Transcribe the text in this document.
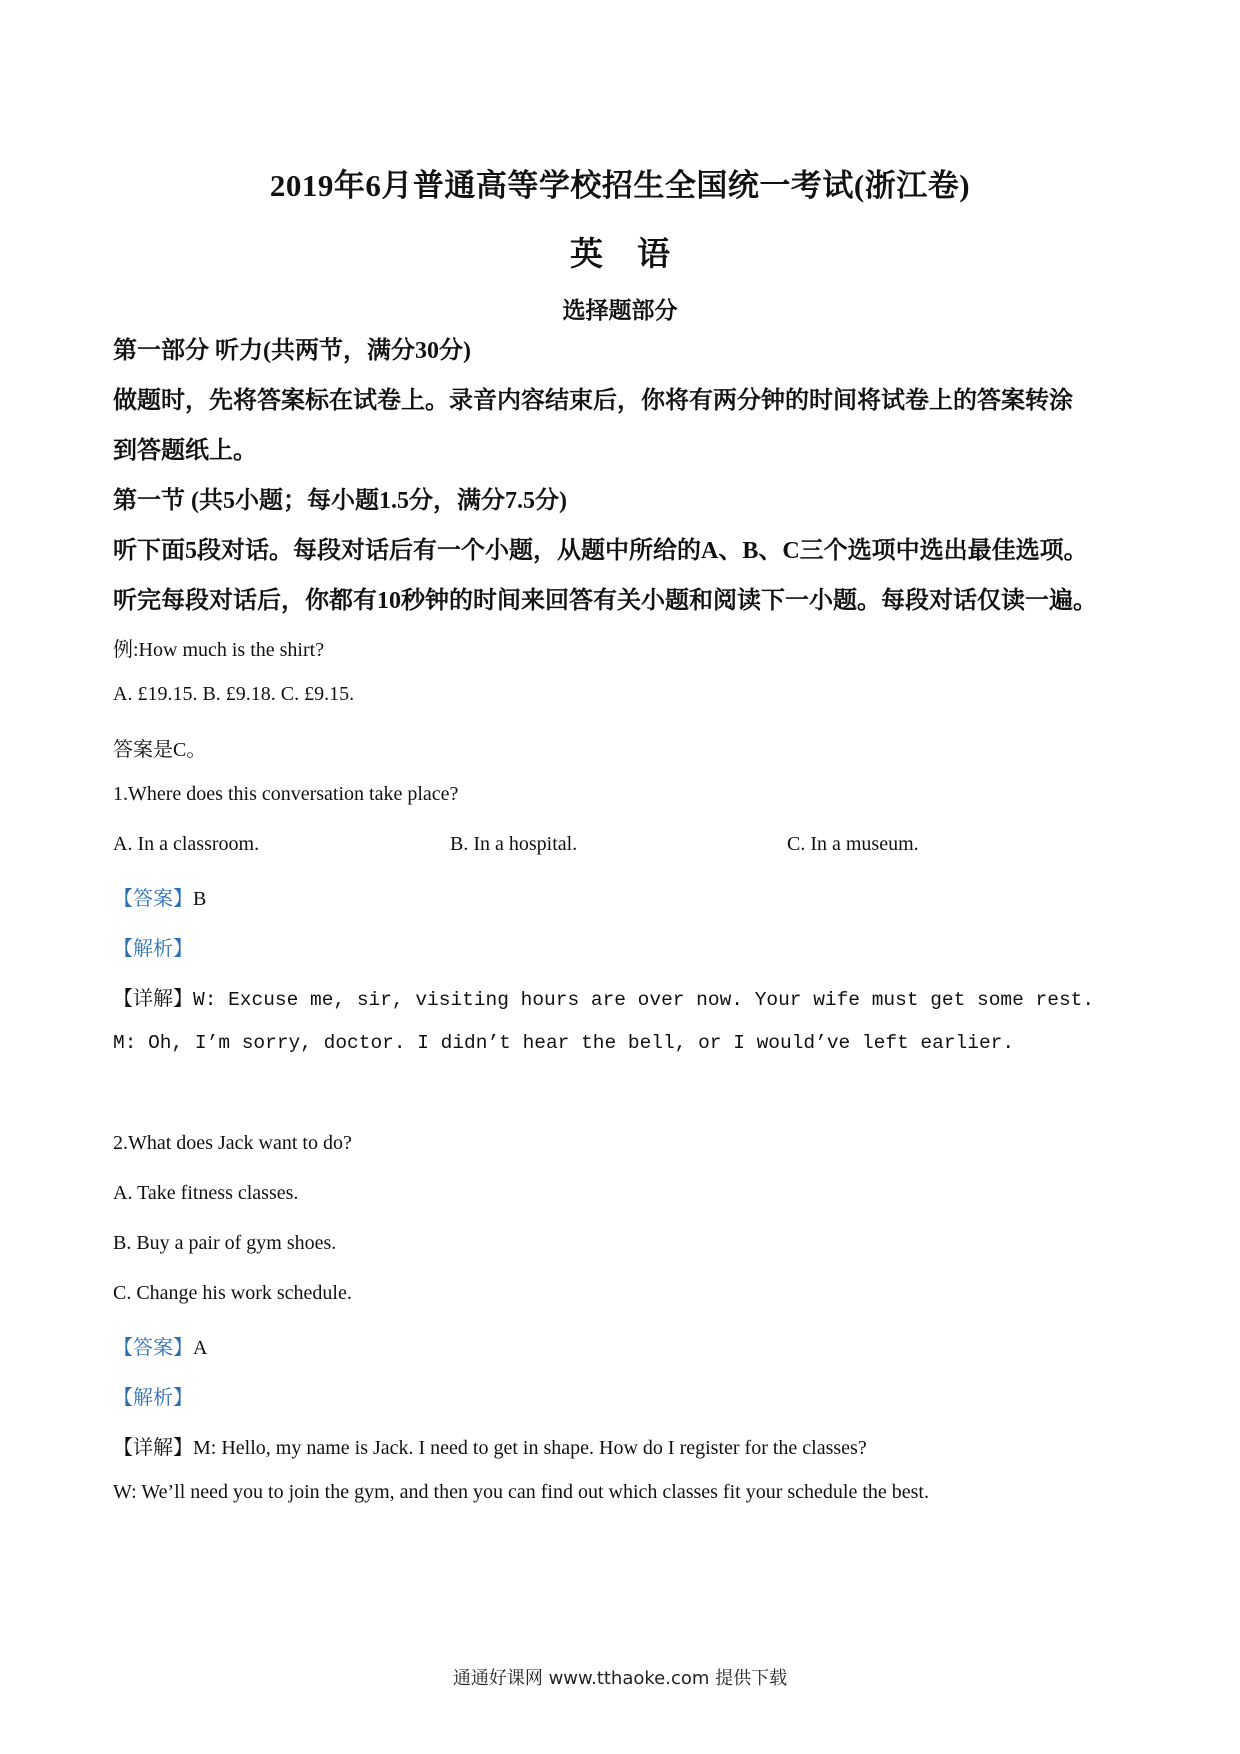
2019年6月普通高等学校招生全国统一考试(浙江卷)
英语
选择题部分
第一部分 听力(共两节，满分30分)
做题时，先将答案标在试卷上。录音内容结束后，你将有两分钟的时间将试卷上的答案转涂
到答题纸上。
第一节 (共5小题；每小题1.5分，满分7.5分)
听下面5段对话。每段对话后有一个小题，从题中所给的A、B、C三个选项中选出最佳选项。
听完每段对话后，你都有10秒钟的时间来回答有关小题和阅读下一小题。每段对话仅读一遍。
例:How much is the shirt?
A. £19.15. B. £9.18. C. £9.15.
答案是C。
1.Where does this conversation take place?
A. In a classroom.	B. In a hospital.	C. In a museum.
【答案】B
【解析】
【详解】W: Excuse me, sir, visiting hours are over now. Your wife must get some rest.
M: Oh, I’m sorry, doctor. I didn’t hear the bell, or I would’ve left earlier.
2.What does Jack want to do?
A. Take fitness classes.
B. Buy a pair of gym shoes.
C. Change his work schedule.
【答案】A
【解析】
【详解】M: Hello, my name is Jack. I need to get in shape. How do I register for the classes?
W: We’ll need you to join the gym, and then you can find out which classes fit your schedule the best.
通通好课网 www.tthaoke.com 提供下载
